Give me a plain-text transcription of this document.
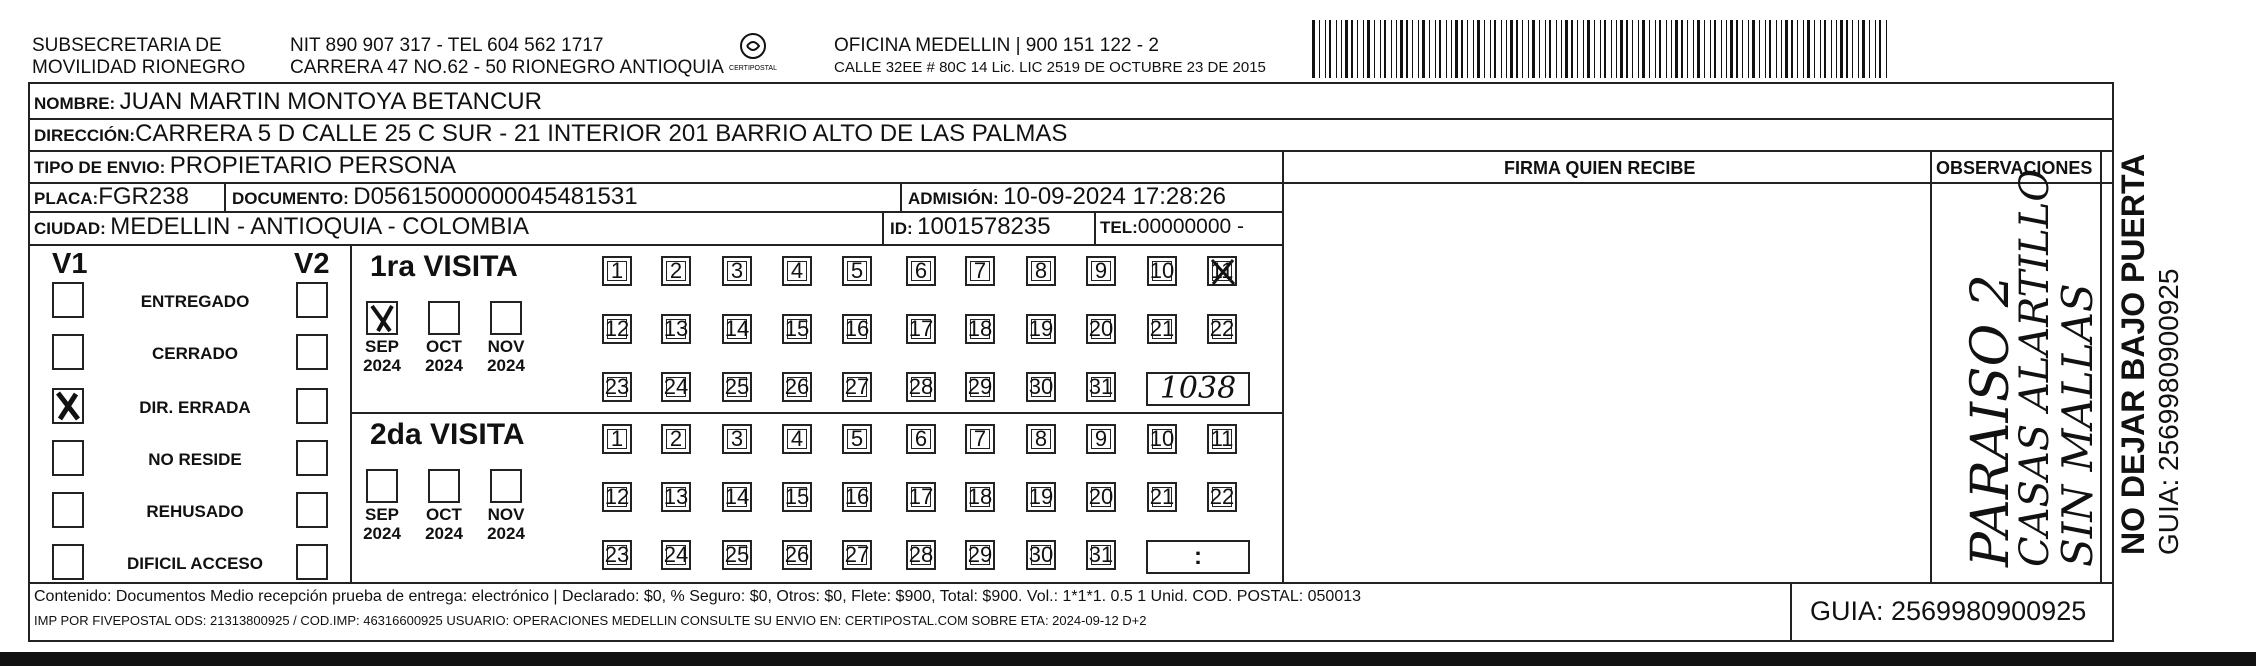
SUBSECRETARIA DE
MOVILIDAD RIONEGRO
NIT 890 907 317 - TEL 604 562 1717
CARRERA 47 NO.62 - 50 RIONEGRO ANTIOQUIA CERTIPOSTAL
OFICINA MEDELLIN | 900 151 122 - 2
CALLE 32EE # 80C 14 Lic. LIC 2519 DE OCTUBRE 23 DE 2015
NOMBRE: JUAN MARTIN MONTOYA BETANCUR
DIRECCIÓN:CARRERA 5 D CALLE 25 C SUR - 21 INTERIOR 201 BARRIO ALTO DE LAS PALMAS
TIPO DE ENVIO: PROPIETARIO PERSONA	FIRMA QUIEN RECIBE	OBSERVACIONES
PLACA:FGR238	DOCUMENTO: D05615000000045481531	ADMISIÓN: 10-09-2024 17:28:26
CIUDAD: MEDELLIN - ANTIOQUIA - COLOMBIA	ID: 1001578235	TEL:00000000 -
V1	V2
ENTREGADO
CERRADO
DIR. ERRADA
NO RESIDE
REHUSADO
DIFICIL ACCESO
1ra VISITA
2da VISITA
1	2	3	4	5	6	7	8	9	10 11
12 13 14 15 16 17 18 19 20 21 22
23 24 25 26 27 28 29 30 31	1038
SEP
2024
OCT
2024
NOV
2024
1	2	3	4	5	6	7	8	9	10 11
12 13 14 15 16 17 18 19 20 21 22
23 24 25 26 27 28 29 30 31	:
SEP
2024
OCT
2024
NOV
2024	PARAISO 2
CASAS ALARTILLO
SIN MALLAS NO DEJAR BAJO PUERTA GUIA: 2569980900925
Contenido: Documentos Medio recepción prueba de entrega: electrónico | Declarado: $0, % Seguro: $0, Otros: $0, Flete: $900, Total: $900. Vol.: 1*1*1. 0.5 1 Unid. COD. POSTAL: 050013
IMP POR FIVEPOSTAL ODS: 21313800925 / COD.IMP: 46316600925 USUARIO: OPERACIONES MEDELLIN CONSULTE SU ENVIO EN: CERTIPOSTAL.COM SOBRE ETA: 2024-09-12 D+2	GUIA: 2569980900925
